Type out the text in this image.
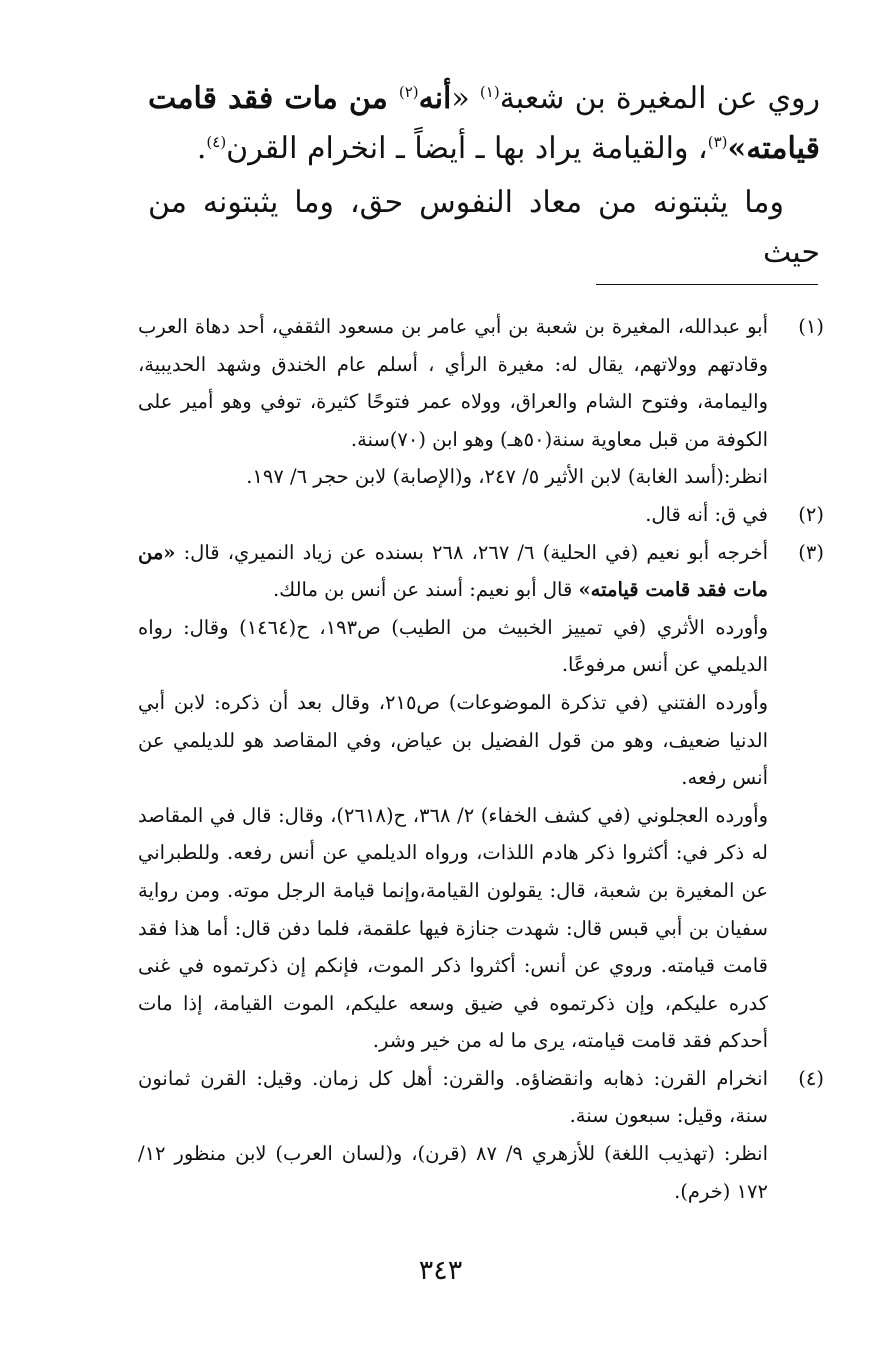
روي عن المغيرة بن شعبة$^{(١)}$ «أنه$^{(٢)}$ من مات فقد قامت قيامته»$^{(٣)}$، والقيامة يراد بها ـ أيضاً ـ انخرام القرن$^{(٤)}$.

وما يثبتونه من معاد النفوس حق، وما يثبتونه من حيث

(١)

أبو عبدالله، المغيرة بن شعبة بن أبي عامر بن مسعود الثقفي، أحد دهاة العرب وقادتهم وولاتهم، يقال له: مغيرة الرأي ، أسلم عام الخندق وشهد الحديبية، واليمامة، وفتوح الشام والعراق، وولاه عمر فتوحًا كثيرة، توفي وهو أمير على الكوفة من قبل معاوية سنة(٥٠هـ) وهو ابن (٧٠)سنة.

انظر:(أسد الغابة) لابن الأثير ٥/ ٢٤٧، و(الإصابة) لابن حجر ٦/ ١٩٧.

(٢)

في ق: أنه قال.

(٣)

أخرجه أبو نعيم (في الحلية) ٦/ ٢٦٧، ٢٦٨ بسنده عن زياد النميري، قال: «من مات فقد قامت قيامته» قال أبو نعيم: أسند عن أنس بن مالك.

وأورده الأثري (في تمييز الخبيث من الطيب) ص١٩٣، ح(١٤٦٤) وقال: رواه الديلمي عن أنس مرفوعًا.

وأورده الفتني (في تذكرة الموضوعات) ص٢١٥، وقال بعد أن ذكره: لابن أبي الدنيا ضعيف، وهو من قول الفضيل بن عياض، وفي المقاصد هو للديلمي عن أنس رفعه.

وأورده العجلوني (في كشف الخفاء) ٢/ ٣٦٨، ح(٢٦١٨)، وقال: قال في المقاصد له ذكر في: أكثروا ذكر هادم اللذات، ورواه الديلمي عن أنس رفعه. وللطبراني عن المغيرة بن شعبة، قال: يقولون القيامة،وإنما قيامة الرجل موته. ومن رواية سفيان بن أبي قبس قال: شهدت جنازة فيها علقمة، فلما دفن قال: أما هذا فقد قامت قيامته. وروي عن أنس: أكثروا ذكر الموت، فإنكم إن ذكرتموه في غنى كدره عليكم، وإن ذكرتموه في ضيق وسعه عليكم، الموت القيامة، إذا مات أحدكم فقد قامت قيامته، يرى ما له من خير وشر.

(٤)

انخرام القرن: ذهابه وانقضاؤه. والقرن: أهل كل زمان. وقيل: القرن ثمانون سنة، وقيل: سبعون سنة.

انظر: (تهذيب اللغة) للأزهري ٩/ ٨٧ (قرن)، و(لسان العرب) لابن منظور ١٢/ ١٧٢ (خرم).

٣٤٣
